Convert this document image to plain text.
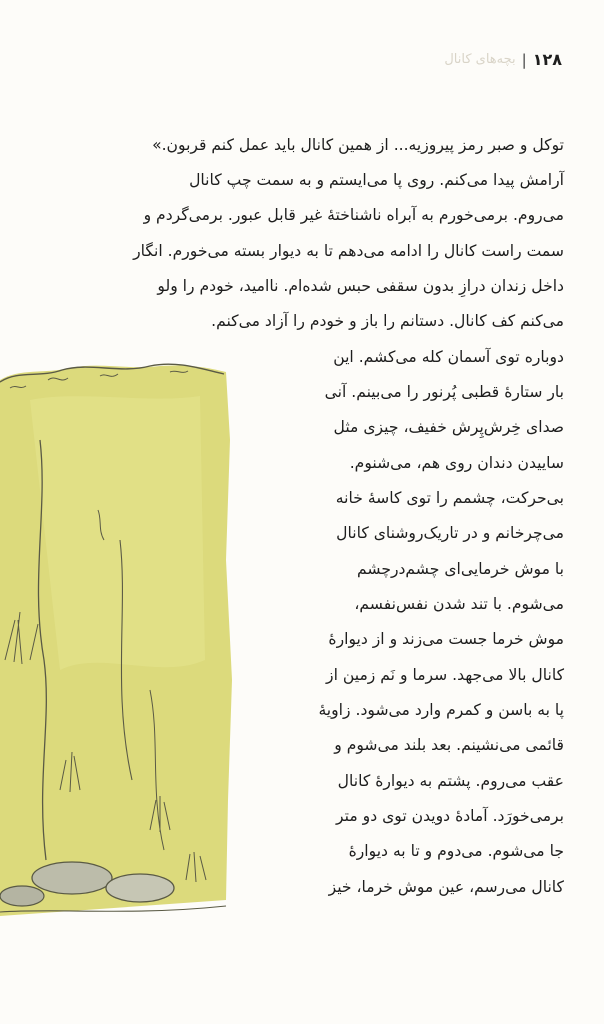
۱۲۸
|
بچه‌های کانال
توکل و صبر رمز پیروزیه... از همین کانال باید عمل کنم قربون.»
آرامش پیدا می‌کنم. روی پا می‌ایستم و به سمت چپ کانال
می‌روم. برمی‌خورم به آبراه ناشناختهٔ غیر قابل عبور. برمی‌گردم و
سمت راست کانال را ادامه می‌دهم تا به دیوار بسته می‌خورم. انگار
داخل زندان درازِ بدون سقفی حبس شده‌ام. ناامید، خودم را ولو
می‌کنم کف کانال. دستانم را باز و خودم را آزاد می‌کنم.
دوباره توی آسمان کله می‌کشم. این
بار ستارهٔ قطبی پُرنور را می‌بینم. آنی
صدای خِرش‌پِرش خفیف، چیزی مثل
ساییدن دندان روی هم، می‌شنوم.
بی‌حرکت، چشمم را توی کاسهٔ خانه
می‌چرخانم و در تاریک‌روشنای کانال
با موش خرمایی‌ای چشم‌درچشم
می‌شوم. با تند شدن نفس‌نفسم،
موش خرما جست می‌زند و از دیوارهٔ
کانال بالا می‌جهد. سرما و نَم زمین از
پا به باسن و کمرم وارد می‌شود. زاویهٔ
قائمی می‌نشینم. بعد بلند می‌شوم و
عقب می‌روم. پشتم به دیوارهٔ کانال
برمی‌خورَد. آمادهٔ دویدن توی دو متر
جا می‌شوم. می‌دوم و تا به دیوارهٔ
کانال می‌رسم، عین موش خرما، خیز
